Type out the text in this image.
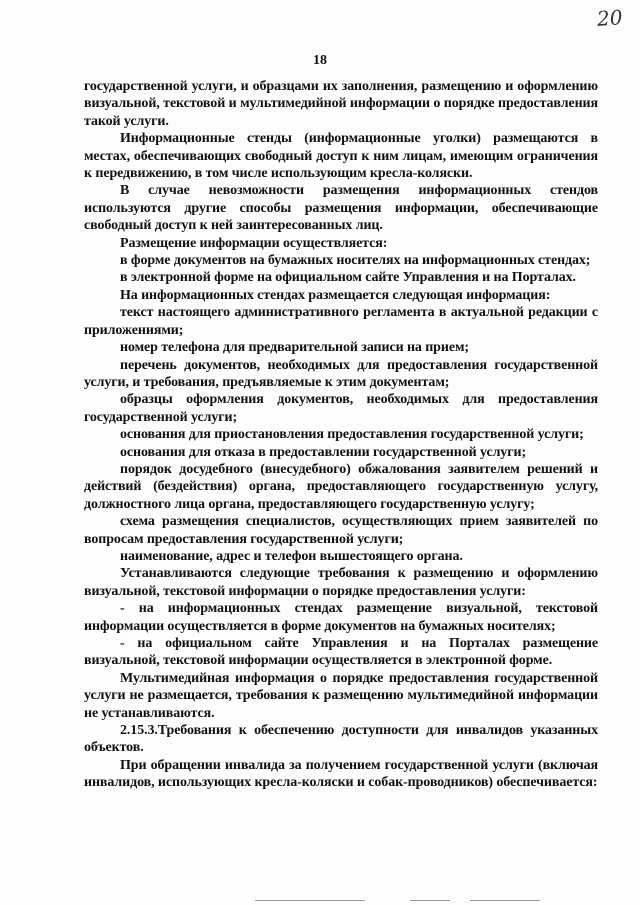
20
18

государственной услуги, и образцами их заполнения, размещению и оформлению визуальной, текстовой и мультимедийной информации о порядке предоставления такой услуги.

Информационные стенды (информационные уголки) размещаются в местах, обеспечивающих свободный доступ к ним лицам, имеющим ограничения к передвижению, в том числе использующим кресла-коляски.

В случае невозможности размещения информационных стендов используются другие способы размещения информации, обеспечивающие свободный доступ к ней заинтересованных лиц.

Размещение информации осуществляется:

в форме документов на бумажных носителях на информационных стендах;

в электронной форме на официальном сайте Управления и на Порталах.

На информационных стендах размещается следующая информация:

текст настоящего административного регламента в актуальной редакции с приложениями;

номер телефона для предварительной записи на прием;

перечень документов, необходимых для предоставления государственной услуги, и требования, предъявляемые к этим документам;

образцы оформления документов, необходимых для предоставления государственной услуги;

основания для приостановления предоставления государственной услуги;

основания для отказа в предоставлении государственной услуги;

порядок досудебного (внесудебного) обжалования заявителем решений и действий (бездействия) органа, предоставляющего государственную услугу, должностного лица органа, предоставляющего государственную услугу;

схема размещения специалистов, осуществляющих прием заявителей по вопросам предоставления государственной услуги;

наименование, адрес и телефон вышестоящего органа.

Устанавливаются следующие требования к размещению и оформлению визуальной, текстовой информации о порядке предоставления услуги:

- на информационных стендах размещение визуальной, текстовой информации осуществляется в форме документов на бумажных носителях;

- на официальном сайте Управления и на Порталах размещение визуальной, текстовой информации осуществляется в электронной форме.

Мультимедийная информация о порядке предоставления государственной услуги не размещается, требования к размещению мультимедийной информации не устанавливаются.

2.15.3.Требования к обеспечению доступности для инвалидов указанных объектов.

При обращении инвалида за получением государственной услуги (включая инвалидов, использующих кресла-коляски и собак-проводников) обеспечивается:
